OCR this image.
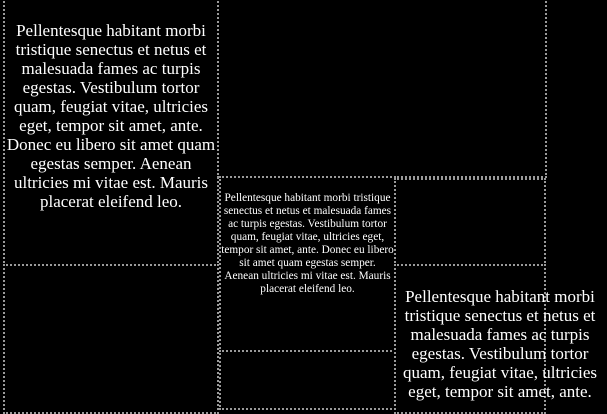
Pellentesque habitant morbi tristique senectus et netus et malesuada fames ac turpis egestas. Vestibulum tortor quam, feugiat vitae, ultricies eget, tempor sit amet, ante. Donec eu libero sit amet quam egestas semper. Aenean ultricies mi vitae est. Mauris placerat eleifend leo.	Pellentesque habitant morbi tristique senectus et netus et malesuada fames ac turpis egestas. Vestibulum tortor quam, feugiat vitae, ultricies eget, tempor sit amet, ante. Donec eu libero sit amet quam egestas semper. Aenean ultricies mi vitae est. Mauris placerat eleifend leo.	Pellentesque habitant morbi tristique senectus et netus et malesuada fames ac turpis egestas. Vestibulum tortor quam, feugiat vitae, ultricies eget, tempor sit amet, ante.
